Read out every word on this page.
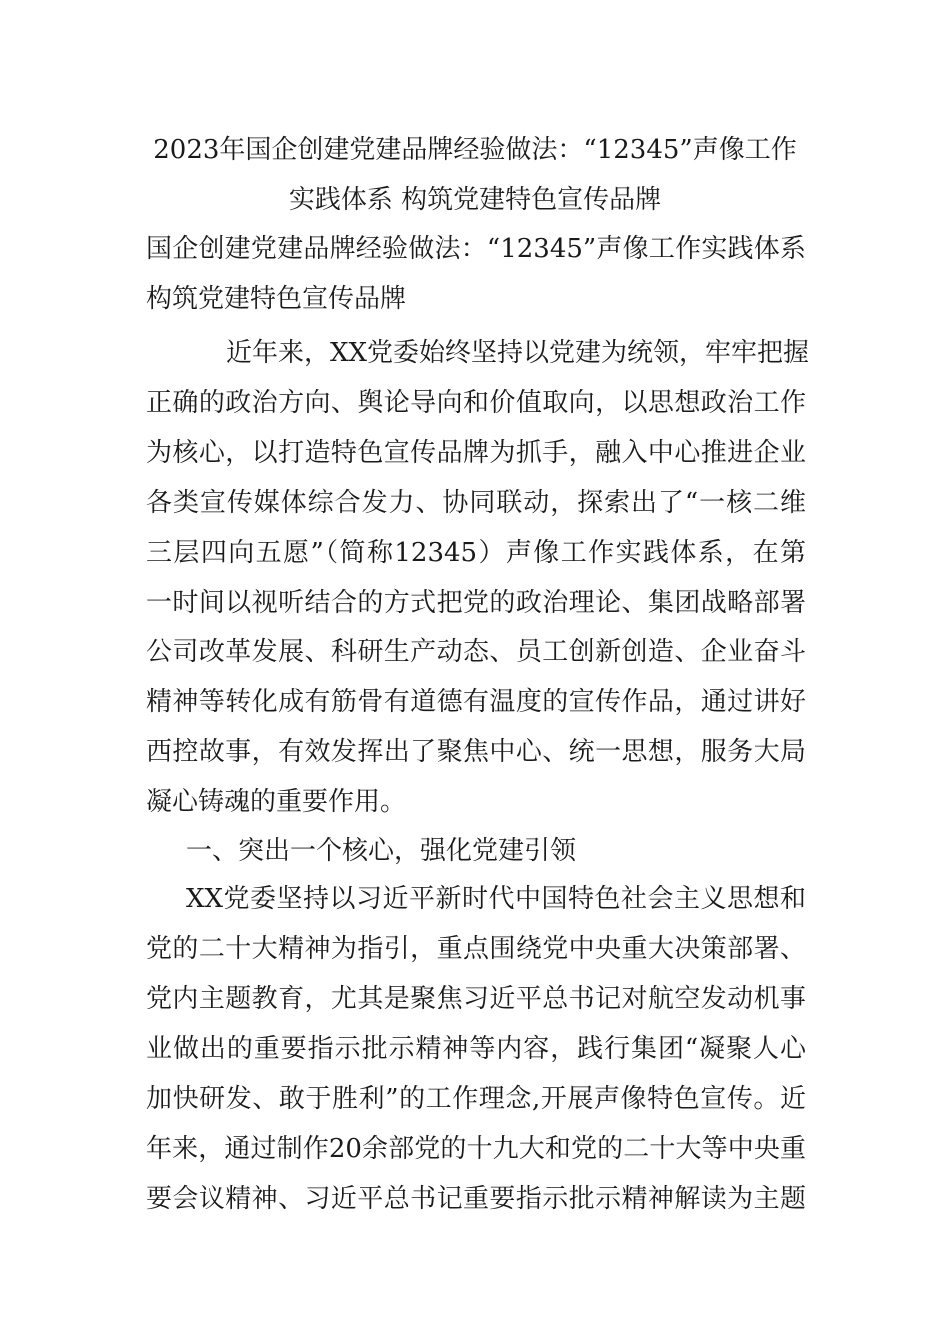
2023年国企创建党建品牌经验做法：“12345”声像工作
实践体系 构筑党建特色宣传品牌
国企创建党建品牌经验做法：“12345”声像工作实践体系
构筑党建特色宣传品牌
近年来，XX党委始终坚持以党建为统领，牢牢把握
正确的政治方向、舆论导向和价值取向，以思想政治工作
为核心，以打造特色宣传品牌为抓手，融入中心推进企业
各类宣传媒体综合发力、协同联动，探索出了“一核二维
三层四向五愿”（简称12345）声像工作实践体系，在第
一时间以视听结合的方式把党的政治理论、集团战略部署
公司改革发展、科研生产动态、员工创新创造、企业奋斗
精神等转化成有筋骨有道德有温度的宣传作品，通过讲好
西控故事，有效发挥出了聚焦中心、统一思想，服务大局
凝心铸魂的重要作用。
一、突出一个核心，强化党建引领
XX党委坚持以习近平新时代中国特色社会主义思想和
党的二十大精神为指引，重点围绕党中央重大决策部署、
党内主题教育，尤其是聚焦习近平总书记对航空发动机事
业做出的重要指示批示精神等内容，践行集团“凝聚人心
加快研发、敢于胜利”的工作理念,开展声像特色宣传。近
年来，通过制作20余部党的十九大和党的二十大等中央重
要会议精神、习近平总书记重要指示批示精神解读为主题
